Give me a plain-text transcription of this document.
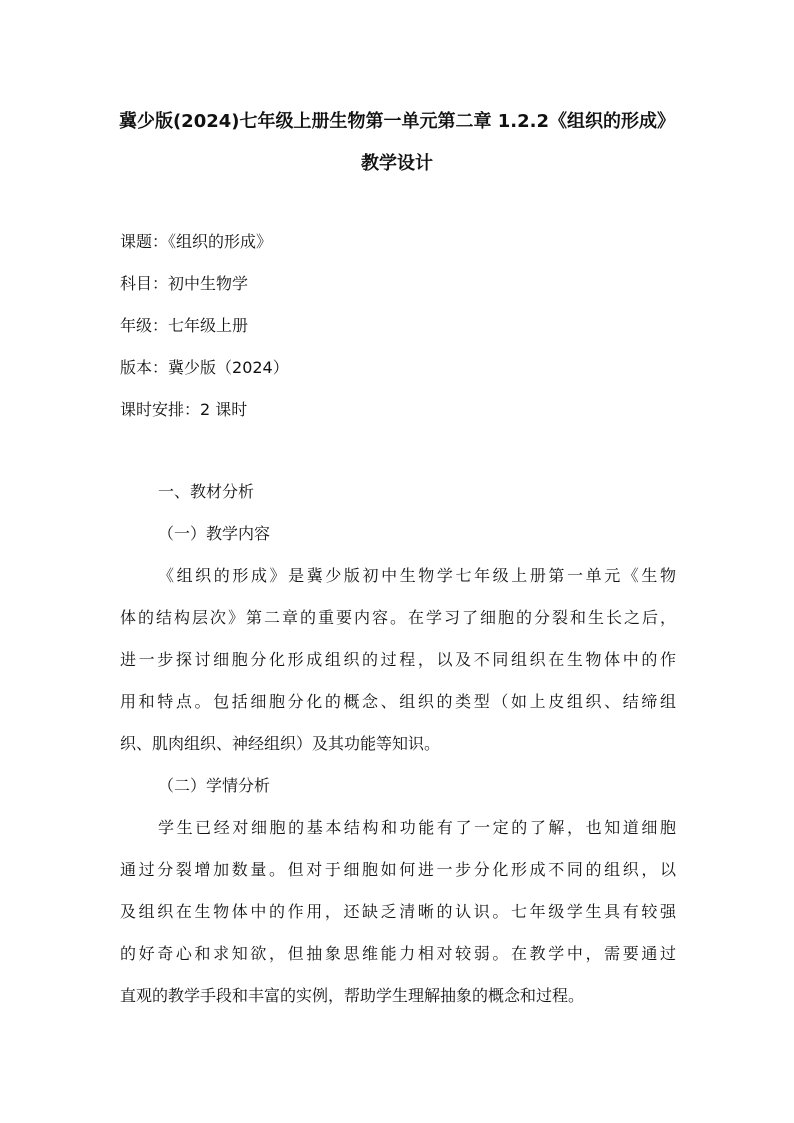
冀少版(2024)七年级上册生物第一单元第二章 1.2.2《组织的形成》
教学设计
课题：《组织的形成》
科目：初中生物学
年级：七年级上册
版本：冀少版（2024）
课时安排：2 课时
一、教材分析
（一）教学内容
《组织的形成》是冀少版初中生物学七年级上册第一单元《生物
体的结构层次》第二章的重要内容。在学习了细胞的分裂和生长之后，
进一步探讨细胞分化形成组织的过程，以及不同组织在生物体中的作
用和特点。包括细胞分化的概念、组织的类型（如上皮组织、结缔组
织、肌肉组织、神经组织）及其功能等知识。
（二）学情分析
学生已经对细胞的基本结构和功能有了一定的了解，也知道细胞
通过分裂增加数量。但对于细胞如何进一步分化形成不同的组织，以
及组织在生物体中的作用，还缺乏清晰的认识。七年级学生具有较强
的好奇心和求知欲，但抽象思维能力相对较弱。在教学中，需要通过
直观的教学手段和丰富的实例，帮助学生理解抽象的概念和过程。
